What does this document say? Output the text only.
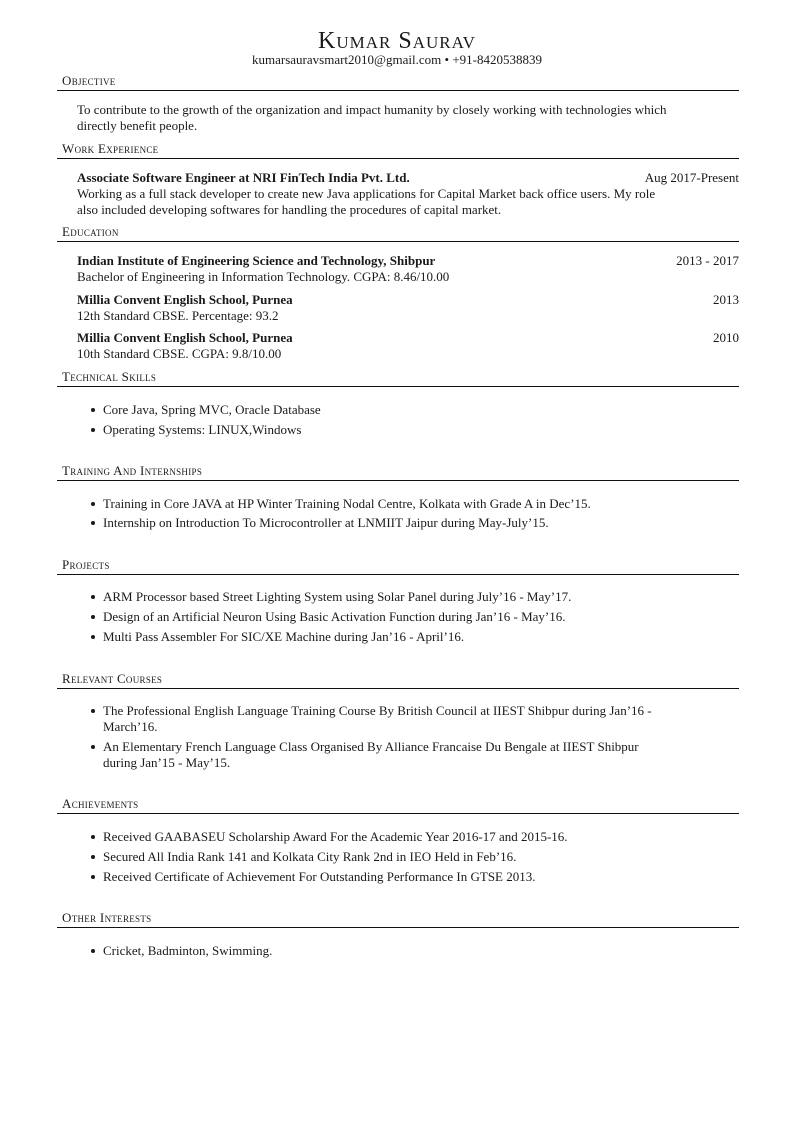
Kumar Saurav
kumarsauravsmart2010@gmail.com • +91-8420538839
Objective
To contribute to the growth of the organization and impact humanity by closely working with technologies which
directly benefit people.
Work Experience
Associate Software Engineer at NRI FinTech India Pvt. Ltd.	Aug 2017-Present
Working as a full stack developer to create new Java applications for Capital Market back office users. My role
also included developing softwares for handling the procedures of capital market.
Education
Indian Institute of Engineering Science and Technology, Shibpur	2013 - 2017
Bachelor of Engineering in Information Technology. CGPA: 8.46/10.00
Millia Convent English School, Purnea	2013
12th Standard CBSE. Percentage: 93.2
Millia Convent English School, Purnea	2010
10th Standard CBSE. CGPA: 9.8/10.00
Technical Skills
Core Java, Spring MVC, Oracle Database
Operating Systems: LINUX,Windows
Training And Internships
Training in Core JAVA at HP Winter Training Nodal Centre, Kolkata with Grade A in Dec’15.
Internship on Introduction To Microcontroller at LNMIIT Jaipur during May-July’15.
Projects
ARM Processor based Street Lighting System using Solar Panel during July’16 - May’17.
Design of an Artificial Neuron Using Basic Activation Function during Jan’16 - May’16.
Multi Pass Assembler For SIC/XE Machine during Jan’16 - April’16.
Relevant Courses
The Professional English Language Training Course By British Council at IIEST Shibpur during Jan’16 -
March’16.
An Elementary French Language Class Organised By Alliance Francaise Du Bengale at IIEST Shibpur
during Jan’15 - May’15.
Achievements
Received GAABASEU Scholarship Award For the Academic Year 2016-17 and 2015-16.
Secured All India Rank 141 and Kolkata City Rank 2nd in IEO Held in Feb’16.
Received Certificate of Achievement For Outstanding Performance In GTSE 2013.
Other Interests
Cricket, Badminton, Swimming.
